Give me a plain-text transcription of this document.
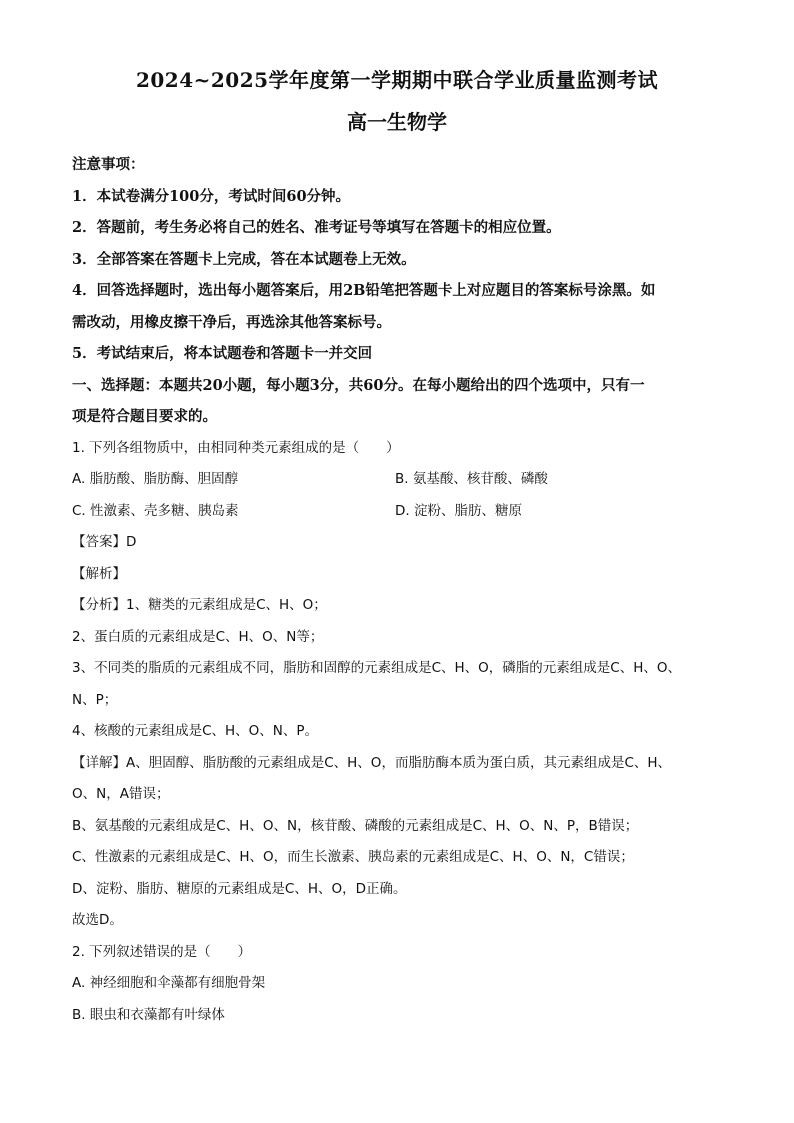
2024~2025学年度第一学期期中联合学业质量监测考试
高一生物学
注意事项：
1．本试卷满分100分，考试时间60分钟。
2．答题前，考生务必将自己的姓名、准考证号等填写在答题卡的相应位置。
3．全部答案在答题卡上完成，答在本试题卷上无效。
4．回答选择题时，选出每小题答案后，用2B铅笔把答题卡上对应题目的答案标号涂黑。如
需改动，用橡皮擦干净后，再选涂其他答案标号。
5．考试结束后，将本试题卷和答题卡一并交回
一、选择题：本题共20小题，每小题3分，共60分。在每小题给出的四个选项中，只有一
项是符合题目要求的。
1. 下列各组物质中，由相同种类元素组成的是（　　）
A. 脂肪酸、脂肪酶、胆固醇	B. 氨基酸、核苷酸、磷酸
C. 性激素、壳多糖、胰岛素	D. 淀粉、脂肪、糖原
【答案】D
【解析】
【分析】1、糖类的元素组成是C、H、O；
2、蛋白质的元素组成是C、H、O、N等；
3、不同类的脂质的元素组成不同，脂肪和固醇的元素组成是C、H、O，磷脂的元素组成是C、H、O、
N、P；
4、核酸的元素组成是C、H、O、N、P。
【详解】A、胆固醇、脂肪酸的元素组成是C、H、O，而脂肪酶本质为蛋白质，其元素组成是C、H、
O、N，A错误；
B、氨基酸的元素组成是C、H、O、N，核苷酸、磷酸的元素组成是C、H、O、N、P，B错误；
C、性激素的元素组成是C、H、O，而生长激素、胰岛素的元素组成是C、H、O、N，C错误；
D、淀粉、脂肪、糖原的元素组成是C、H、O，D正确。
故选D。
2. 下列叙述错误的是（　　）
A. 神经细胞和伞藻都有细胞骨架
B. 眼虫和衣藻都有叶绿体
